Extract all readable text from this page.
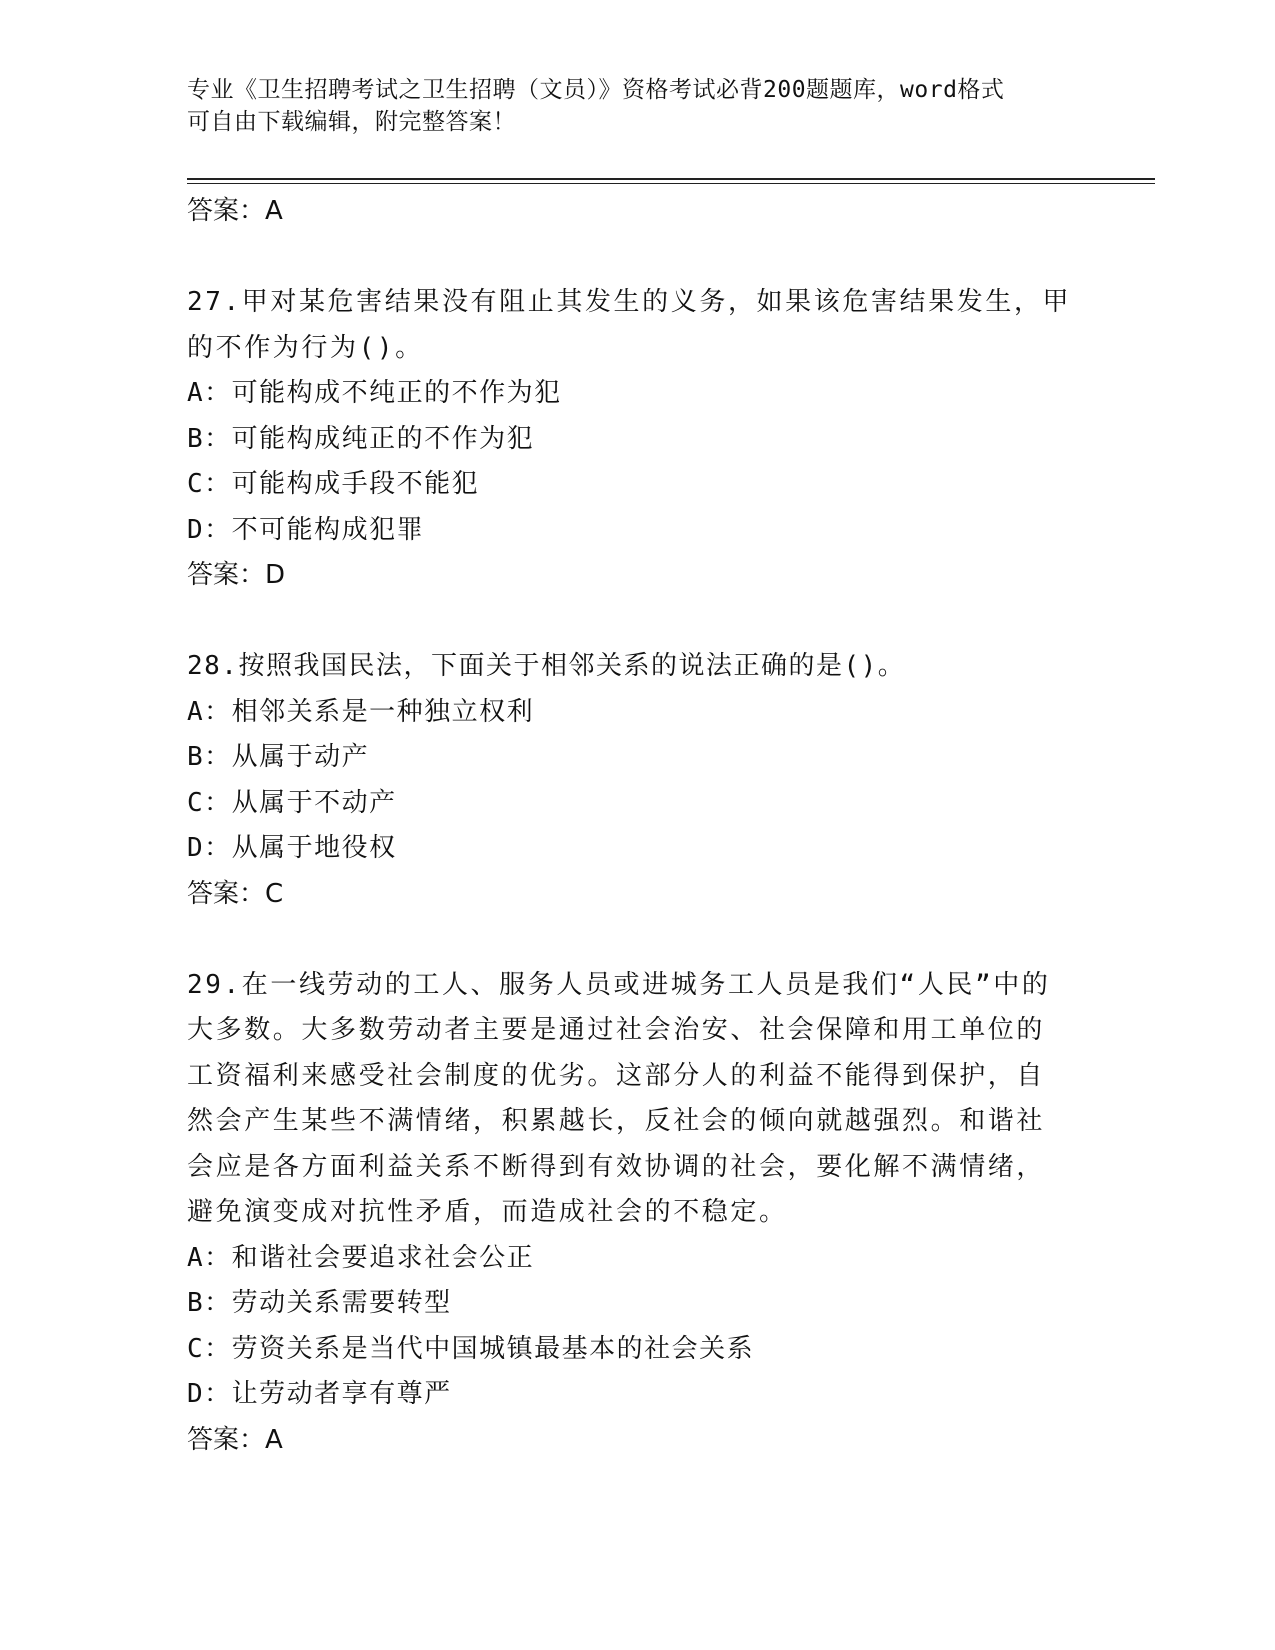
专业《卫生招聘考试之卫生招聘（文员）》资格考试必背200题题库，word格式
可自由下载编辑，附完整答案！
答案：A
27.甲对某危害结果没有阻止其发生的义务，如果该危害结果发生，甲
的不作为行为()。
A：可能构成不纯正的不作为犯
B：可能构成纯正的不作为犯
C：可能构成手段不能犯
D：不可能构成犯罪
答案：D
28.按照我国民法，下面关于相邻关系的说法正确的是()。
A：相邻关系是一种独立权利
B：从属于动产
C：从属于不动产
D：从属于地役权
答案：C
29.在一线劳动的工人、服务人员或进城务工人员是我们“人民”中的
大多数。大多数劳动者主要是通过社会治安、社会保障和用工单位的
工资福利来感受社会制度的优劣。这部分人的利益不能得到保护，自
然会产生某些不满情绪，积累越长，反社会的倾向就越强烈。和谐社
会应是各方面利益关系不断得到有效协调的社会，要化解不满情绪，
避免演变成对抗性矛盾，而造成社会的不稳定。
A：和谐社会要追求社会公正
B：劳动关系需要转型
C：劳资关系是当代中国城镇最基本的社会关系
D：让劳动者享有尊严
答案：A
